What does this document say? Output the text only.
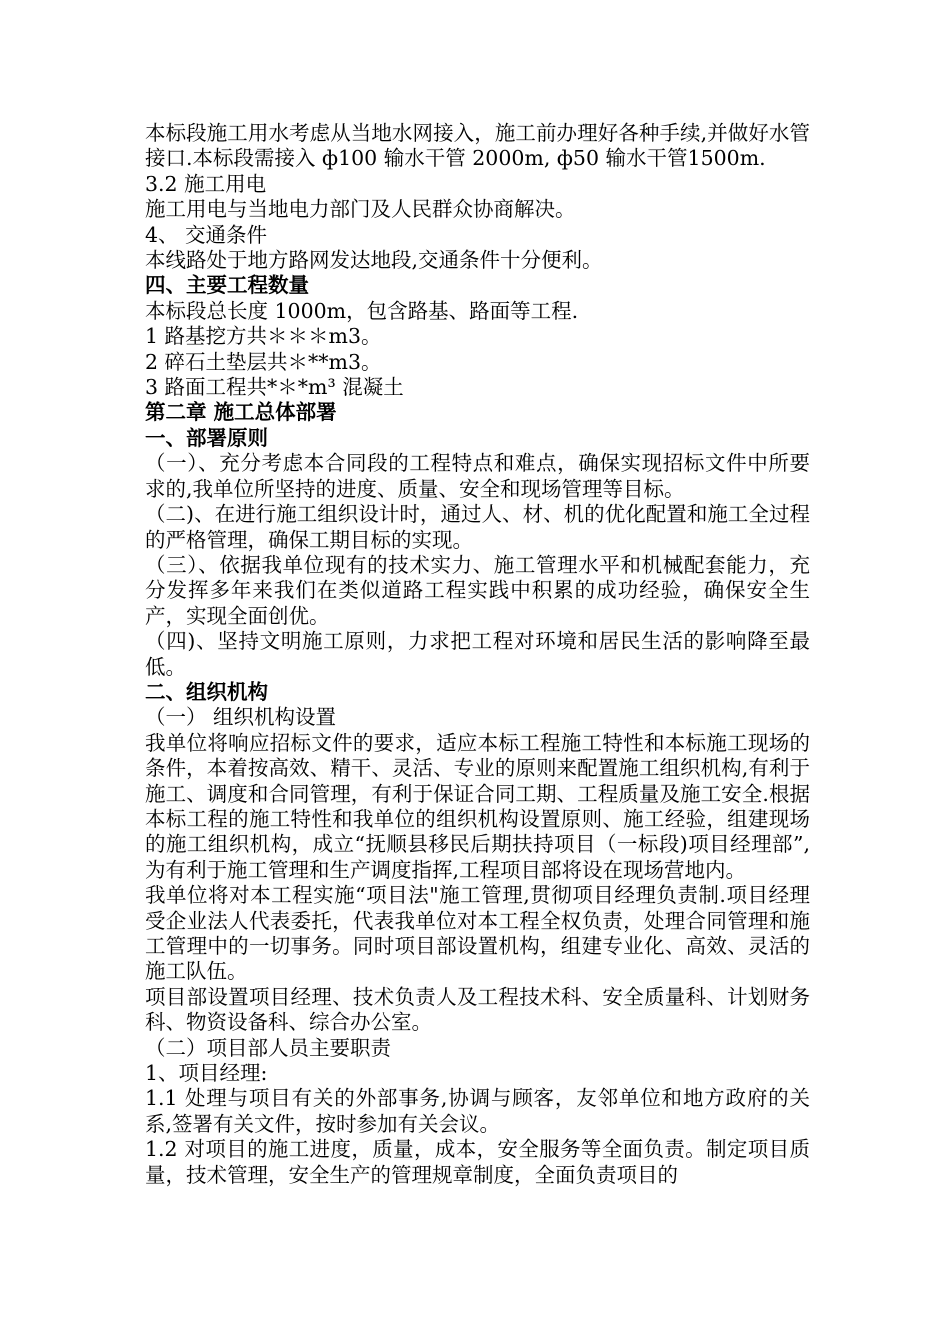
本标段施工用水考虑从当地水网接入，施工前办理好各种手续,并做好水管接口.本标段需接入 ф100 输水干管 2000m, ф50 输水干管1500m.

3.2 施工用电

施工用电与当地电力部门及人民群众协商解决。

4、 交通条件

本线路处于地方路网发达地段,交通条件十分便利。

四、主要工程数量

本标段总长度 1000m，包含路基、路面等工程.

1 路基挖方共＊＊＊m3。

2 碎石土垫层共＊**m3。

3 路面工程共*＊*m³ 混凝土

第二章 施工总体部署

一、部署原则

（一）、充分考虑本合同段的工程特点和难点，确保实现招标文件中所要求的,我单位所坚持的进度、质量、安全和现场管理等目标。

（二)、在进行施工组织设计时，通过人、材、机的优化配置和施工全过程的严格管理，确保工期目标的实现。

（三）、依据我单位现有的技术实力、施工管理水平和机械配套能力，充分发挥多年来我们在类似道路工程实践中积累的成功经验，确保安全生产，实现全面创优。

（四)、坚持文明施工原则，力求把工程对环境和居民生活的影响降至最低。

二、组织机构

（一） 组织机构设置

我单位将响应招标文件的要求，适应本标工程施工特性和本标施工现场的条件，本着按高效、精干、灵活、专业的原则来配置施工组织机构,有利于施工、调度和合同管理，有利于保证合同工期、工程质量及施工安全.根据本标工程的施工特性和我单位的组织机构设置原则、施工经验，组建现场的施工组织机构，成立“抚顺县移民后期扶持项目（一标段)项目经理部”,为有利于施工管理和生产调度指挥,工程项目部将设在现场营地内。

我单位将对本工程实施“项目法"施工管理,贯彻项目经理负责制.项目经理受企业法人代表委托，代表我单位对本工程全权负责，处理合同管理和施工管理中的一切事务。同时项目部设置机构，组建专业化、高效、灵活的施工队伍。

项目部设置项目经理、技术负责人及工程技术科、安全质量科、计划财务科、物资设备科、综合办公室。

（二）项目部人员主要职责

1、项目经理:

1.1 处理与项目有关的外部事务,协调与顾客，友邻单位和地方政府的关系,签署有关文件，按时参加有关会议。

1.2 对项目的施工进度，质量，成本，安全服务等全面负责。制定项目质量，技术管理，安全生产的管理规章制度，全面负责项目的
